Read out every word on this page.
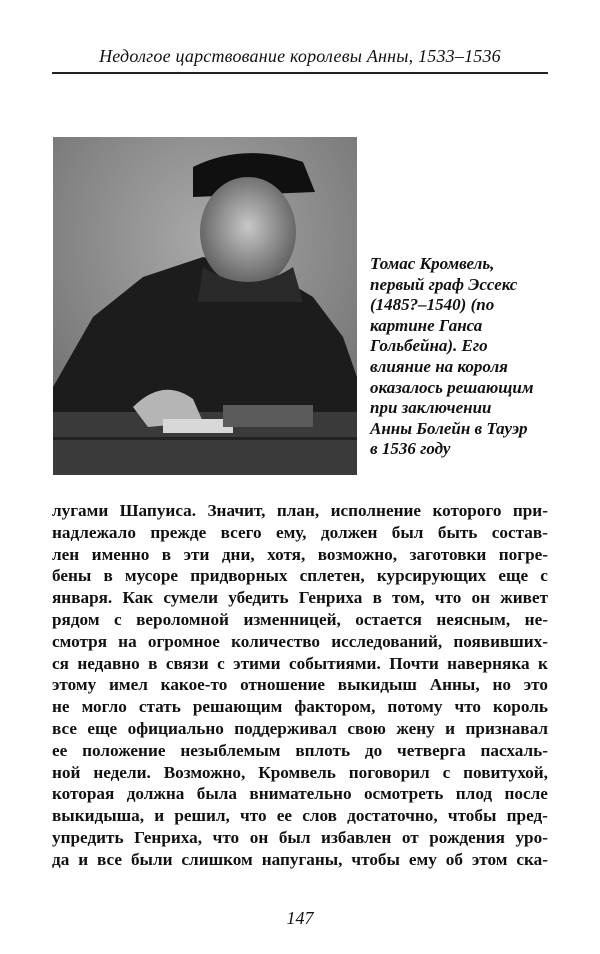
Недолгое царствование королевы Анны, 1533–1536
Томас Кромвель,
первый граф Эссекс
(1485?–1540) (по
картине Ганса
Гольбейна). Его
влияние на короля
оказалось решающим
при заключении
Анны Болейн в Тауэр
в 1536 году
лугами Шапуиса. Значит, план, исполнение которого при-
надлежало прежде всего ему, должен был быть состав-
лен именно в эти дни, хотя, возможно, заготовки погре-
бены в мусоре придворных сплетен, курсирующих еще с
января. Как сумели убедить Генриха в том, что он живет
рядом с вероломной изменницей, остается неясным, не-
смотря на огромное количество исследований, появивших-
ся недавно в связи с этими событиями. Почти наверняка к
этому имел какое-то отношение выкидыш Анны, но это
не могло стать решающим фактором, потому что король
все еще официально поддерживал свою жену и признавал
ее положение незыблемым вплоть до четверга пасхаль-
ной недели. Возможно, Кромвель поговорил с повитухой,
которая должна была внимательно осмотреть плод после
выкидыша, и решил, что ее слов достаточно, чтобы пред-
упредить Генриха, что он был избавлен от рождения уро-
да и все были слишком напуганы, чтобы ему об этом ска-
147
